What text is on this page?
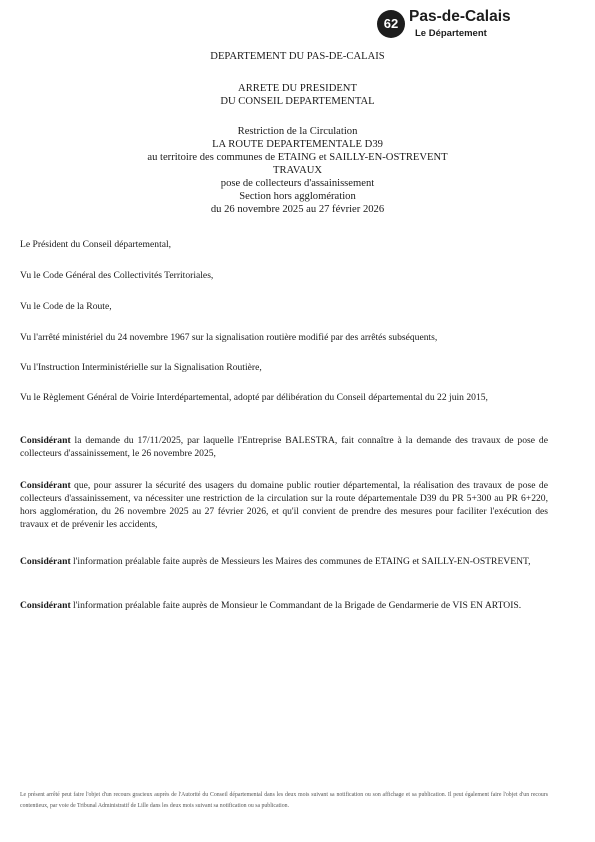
62 Pas-de-Calais
Le Département
DEPARTEMENT DU PAS-DE-CALAIS
ARRETE DU PRESIDENT
DU CONSEIL DEPARTEMENTAL
Restriction de la Circulation
LA ROUTE DEPARTEMENTALE D39
au territoire des communes de ETAING et SAILLY-EN-OSTREVENT
TRAVAUX
pose de collecteurs d'assainissement
Section hors agglomération
du 26 novembre 2025 au 27 février 2026
Le Président du Conseil départemental,
Vu le Code Général des Collectivités Territoriales,
Vu le Code de la Route,
Vu l'arrêté ministériel du 24 novembre 1967 sur la signalisation routière modifié par des arrêtés subséquents,
Vu l'Instruction Interministérielle sur la Signalisation Routière,
Vu le Règlement Général de Voirie Interdépartemental, adopté par délibération du Conseil départemental du 22 juin 2015,
Considérant la demande du 17/11/2025, par laquelle l'Entreprise BALESTRA, fait connaître à la demande des travaux de pose de collecteurs d'assainissement, le 26 novembre 2025,
Considérant que, pour assurer la sécurité des usagers du domaine public routier départemental, la réalisation des travaux de pose de collecteurs d'assainissement, va nécessiter une restriction de la circulation sur la route départementale D39 du PR 5+300 au PR 6+220, hors agglomération, du 26 novembre 2025 au 27 février 2026, et qu'il convient de prendre des mesures pour faciliter l'exécution des travaux et de prévenir les accidents,
Considérant l'information préalable faite auprès de Messieurs les Maires des communes de ETAING et SAILLY-EN-OSTREVENT,
Considérant l'information préalable faite auprès de Monsieur le Commandant de la Brigade de Gendarmerie de VIS EN ARTOIS.
Le présent arrêté peut faire l'objet d'un recours gracieux auprès de l'Autorité du Conseil départemental dans les deux mois suivant sa notification ou son affichage et sa publication. Il peut également faire l'objet d'un recours contentieux, par voie de Tribunal Administratif de Lille dans les deux mois suivant sa notification ou sa publication.
